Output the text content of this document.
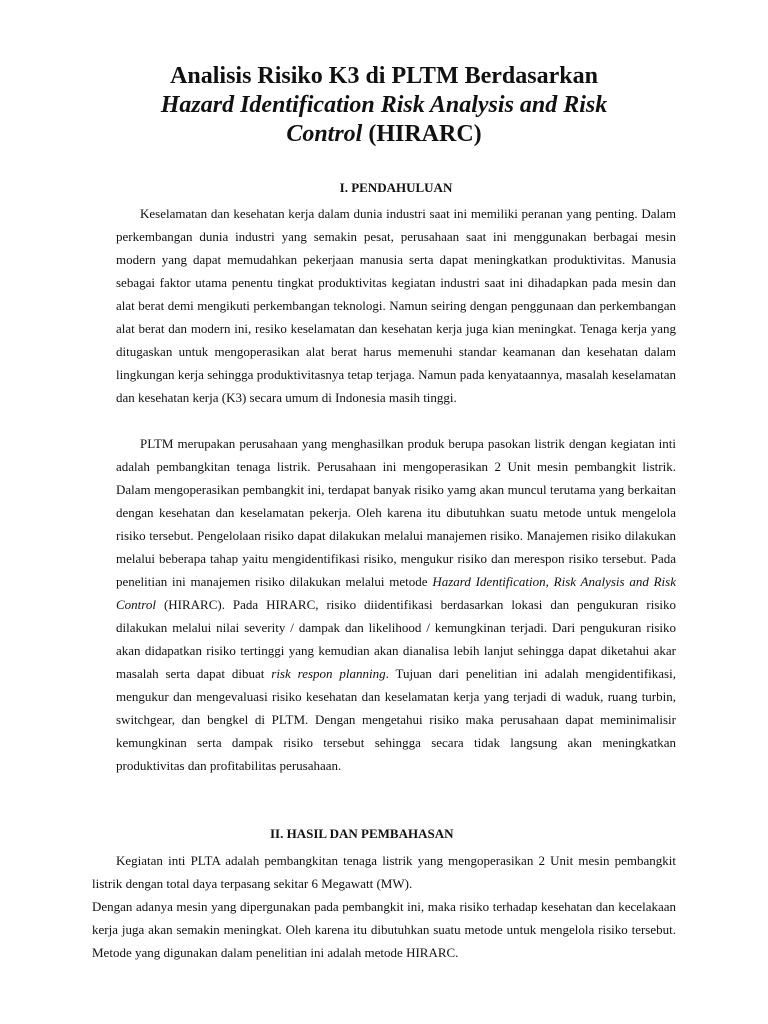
Analisis Risiko K3 di PLTM Berdasarkan
Hazard Identification Risk Analysis and Risk
Control (HIRARC)
I. PENDAHULUAN

Keselamatan dan kesehatan kerja dalam dunia industri saat ini memiliki peranan yang penting. Dalam perkembangan dunia industri yang semakin pesat, perusahaan saat ini menggunakan berbagai mesin modern yang dapat memudahkan pekerjaan manusia serta dapat meningkatkan produktivitas. Manusia sebagai faktor utama penentu tingkat produktivitas kegiatan industri saat ini dihadapkan pada mesin dan alat berat demi mengikuti perkembangan teknologi. Namun seiring dengan penggunaan dan perkembangan alat berat dan modern ini, resiko keselamatan dan kesehatan kerja juga kian meningkat. Tenaga kerja yang ditugaskan untuk mengoperasikan alat berat harus memenuhi standar keamanan dan kesehatan dalam lingkungan kerja sehingga produktivitasnya tetap terjaga. Namun pada kenyataannya, masalah keselamatan dan kesehatan kerja (K3) secara umum di Indonesia masih tinggi.

PLTM merupakan perusahaan yang menghasilkan produk berupa pasokan listrik dengan kegiatan inti adalah pembangkitan tenaga listrik. Perusahaan ini mengoperasikan 2 Unit mesin pembangkit listrik. Dalam mengoperasikan pembangkit ini, terdapat banyak risiko yamg akan muncul terutama yang berkaitan dengan kesehatan dan keselamatan pekerja. Oleh karena itu dibutuhkan suatu metode untuk mengelola risiko tersebut. Pengelolaan risiko dapat dilakukan melalui manajemen risiko. Manajemen risiko dilakukan melalui beberapa tahap yaitu mengidentifikasi risiko, mengukur risiko dan merespon risiko tersebut. Pada penelitian ini manajemen risiko dilakukan melalui metode Hazard Identification, Risk Analysis and Risk Control (HIRARC). Pada HIRARC, risiko diidentifikasi berdasarkan lokasi dan pengukuran risiko dilakukan melalui nilai severity / dampak dan likelihood / kemungkinan terjadi. Dari pengukuran risiko akan didapatkan risiko tertinggi yang kemudian akan dianalisa lebih lanjut sehingga dapat diketahui akar masalah serta dapat dibuat risk respon planning. Tujuan dari penelitian ini adalah mengidentifikasi, mengukur dan mengevaluasi risiko kesehatan dan keselamatan kerja yang terjadi di waduk, ruang turbin, switchgear, dan bengkel di PLTM. Dengan mengetahui risiko maka perusahaan dapat meminimalisir kemungkinan serta dampak risiko tersebut sehingga secara tidak langsung akan meningkatkan produktivitas dan profitabilitas perusahaan.

II. HASIL DAN PEMBAHASAN

Kegiatan inti PLTA adalah pembangkitan tenaga listrik yang mengoperasikan 2 Unit mesin pembangkit listrik dengan total daya terpasang sekitar 6 Megawatt (MW).

Dengan adanya mesin yang dipergunakan pada pembangkit ini, maka risiko terhadap kesehatan dan kecelakaan kerja juga akan semakin meningkat. Oleh karena itu dibutuhkan suatu metode untuk mengelola risiko tersebut. Metode yang digunakan dalam penelitian ini adalah metode HIRARC.
